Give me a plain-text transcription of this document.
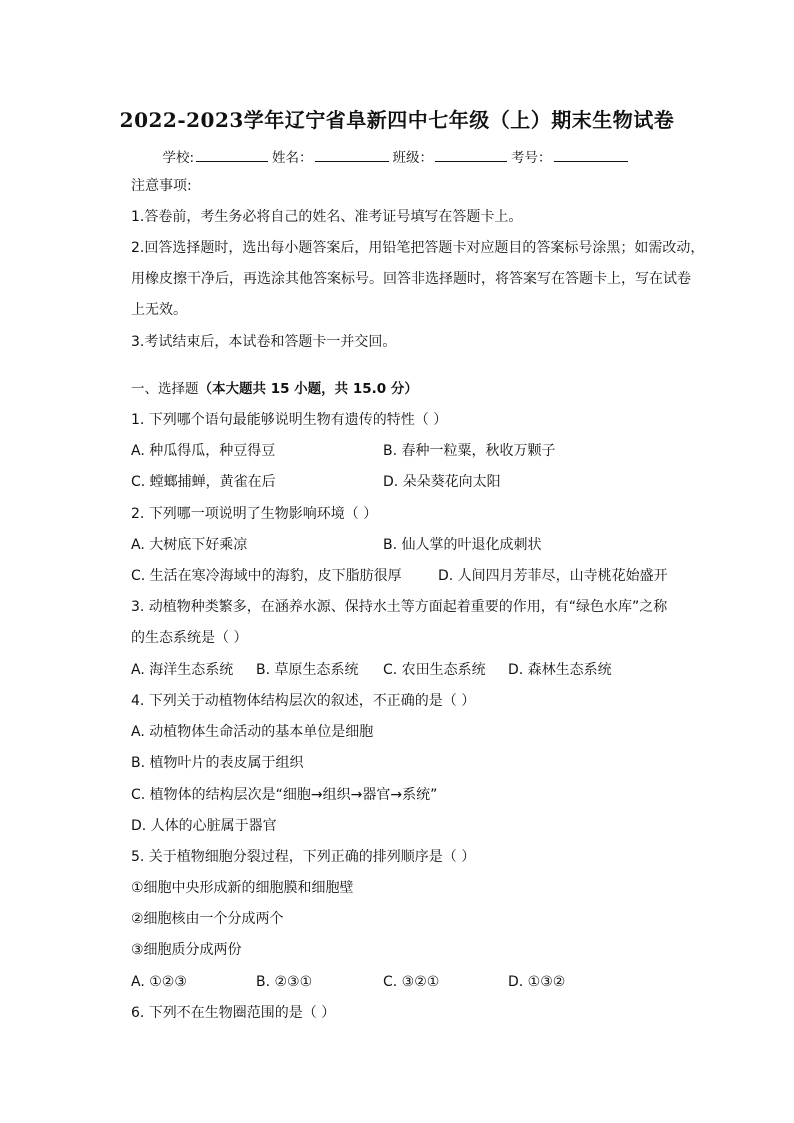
2022-2023学年辽宁省阜新四中七年级（上）期末生物试卷
学校:	姓名：	班级：	考号：
注意事项:
1.答卷前，考生务必将自己的姓名、准考证号填写在答题卡上。
2.回答选择题时，选出每小题答案后，用铅笔把答题卡对应题目的答案标号涂黑；如需改动，
用橡皮擦干净后，再选涂其他答案标号。回答非选择题时，将答案写在答题卡上，写在试卷
上无效。
3.考试结束后，本试卷和答题卡一并交回。
一、选择题（本大题共 15 小题，共 15.0 分）
1. 下列哪个语句最能够说明生物有遗传的特性（ ）
A. 种瓜得瓜，种豆得豆	B. 春种一粒粟，秋收万颗子
C. 螳螂捕蝉，黄雀在后	D. 朵朵葵花向太阳
2. 下列哪一项说明了生物影响环境（ ）
A. 大树底下好乘凉	B. 仙人掌的叶退化成刺状
C. 生活在寒冷海域中的海豹，皮下脂肪很厚	D. 人间四月芳菲尽，山寺桃花始盛开
3. 动植物种类繁多，在涵养水源、保持水土等方面起着重要的作用，有“绿色水库”之称
的生态系统是（ ）
A. 海洋生态系统 B. 草原生态系统 C. 农田生态系统 D. 森林生态系统
4. 下列关于动植物体结构层次的叙述，不正确的是（ ）
A. 动植物体生命活动的基本单位是细胞
B. 植物叶片的表皮属于组织
C. 植物体的结构层次是“细胞→组织→器官→系统”
D. 人体的心脏属于器官
5. 关于植物细胞分裂过程，下列正确的排列顺序是（ ）
①细胞中央形成新的细胞膜和细胞壁
②细胞核由一个分成两个
③细胞质分成两份
A. ①②③	B. ②③①	C. ③②①	D. ①③②
6. 下列不在生物圈范围的是（ ）
